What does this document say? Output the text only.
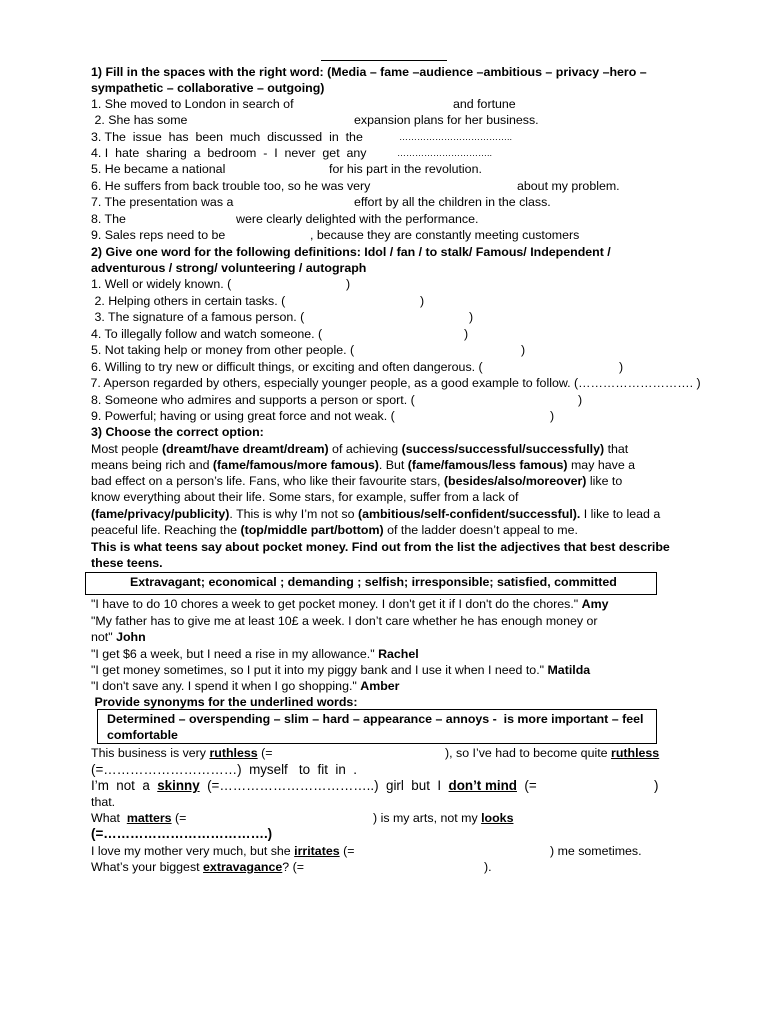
1) Fill in the spaces with the right word: (Media – fame –audience –ambitious – privacy –hero –
sympathetic – collaborative – outgoing)
1. She moved to London in search of	and fortune
2. She has some	expansion plans for her business.
3. The  issue  has  been  much  discussed  in  the	………………………………..
4. I  hate  sharing  a  bedroom  -  I  never  get  any	…………………………..
5. He became a national	for his part in the revolution.
6. He suffers from back trouble too, so he was very	about my problem.
7. The presentation was a	effort by all the children in the class.
8. The	were clearly delighted with the performance.
9. Sales reps need to be	, because they are constantly meeting customers
2) Give one word for the following definitions: Idol / fan / to stalk/ Famous/ Independent /
adventurous / strong/ volunteering / autograph
1. Well or widely known. (	)
2. Helping others in certain tasks. (	)
3. The signature of a famous person. (	)
4. To illegally follow and watch someone. (	)
5. Not taking help or money from other people. (	)
6. Willing to try new or difficult things, or exciting and often dangerous. (	)
7. Aperson regarded by others, especially younger people, as a good example to follow. (………………………. )
8. Someone who admires and supports a person or sport. (	)
9. Powerful; having or using great force and not weak. (	)
3) Choose the correct option:
Most people (dreamt/have dreamt/dream) of achieving (success/successful/successfully) that
means being rich and (fame/famous/more famous). But (fame/famous/less famous) may have a
bad effect on a person’s life. Fans, who like their favourite stars, (besides/also/moreover) like to
know everything about their life. Some stars, for example, suffer from a lack of
(fame/privacy/publicity). This is why I’m not so (ambitious/self-confident/successful). I like to lead a
peaceful life. Reaching the (top/middle part/bottom) of the ladder doesn’t appeal to me.
This is what teens say about pocket money. Find out from the list the adjectives that best describe
these teens.
Extravagant; economical ; demanding ; selfish; irresponsible; satisfied, committed
"I have to do 10 chores a week to get pocket money. I don't get it if I don't do the chores." Amy
"My father has to give me at least 10£ a week. I don’t care whether he has enough money or
not" John
"I get $6 a week, but I need a rise in my allowance." Rachel
"I get money sometimes, so I put it into my piggy bank and I use it when I need to." Matilda
"I don't save any. I spend it when I go shopping." Amber
Provide synonyms for the underlined words:
Determined – overspending – slim – hard – appearance – annoys -  is more important – feel
comfortable
This business is very ruthless (=	), so I’ve had to become quite ruthless
(=…………………………)  myself   to  fit  in  .
I’m  not  a  skinny  (=……………………………..)  girl  but  I  don’t mind  (=	)
that.
What  matters (=	) is my arts, not my looks
(=……………………………….)
I love my mother very much, but she irritates (=	) me sometimes.
What’s your biggest extravagance? (=	).
